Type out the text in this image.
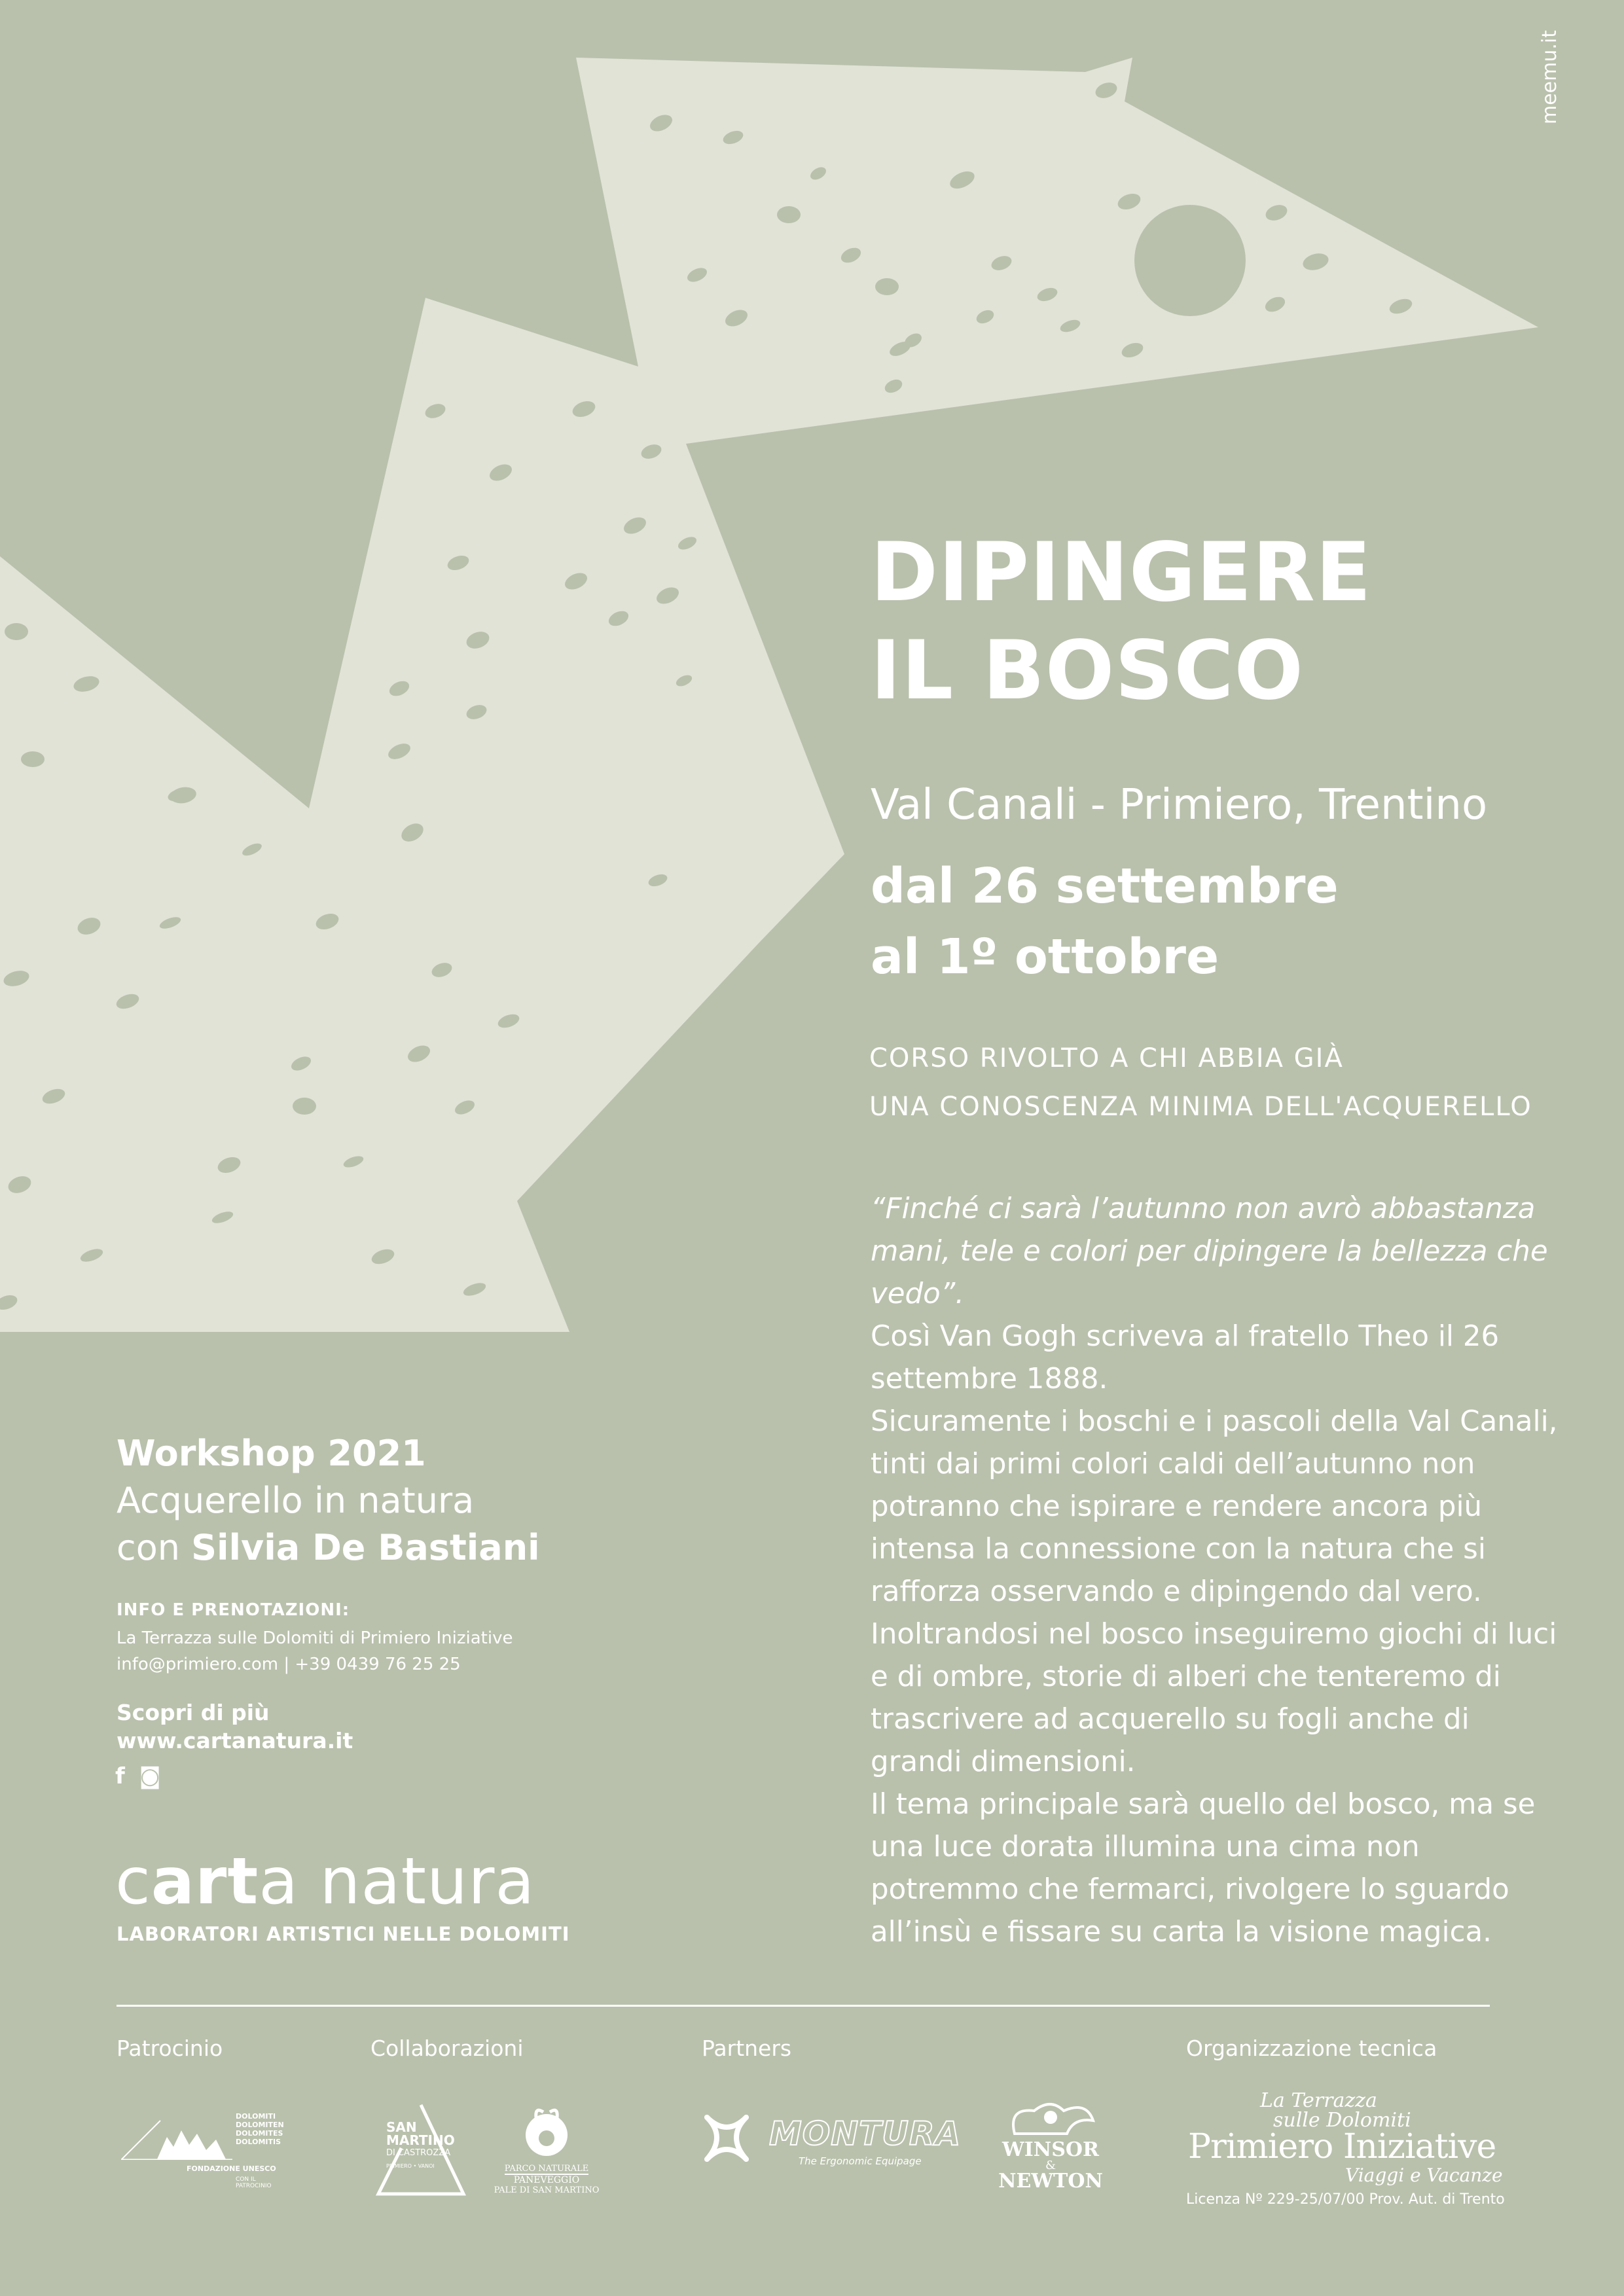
meemu.it
DIPINGERE
IL BOSCO
Val Canali - Primiero, Trentino
dal 26 settembre
al 1º ottobre
CORSO RIVOLTO A CHI ABBIA GIÀ
UNA CONOSCENZA MINIMA DELL'ACQUERELLO
“Finché ci sarà l’autunno non avrò abbastanza mani, tele e colori per dipingere la bellezza che vedo”.
Così Van Gogh scriveva al fratello Theo il 26 settembre 1888.
Sicuramente i boschi e i pascoli della Val Canali, tinti dai primi colori caldi dell’autunno non potranno che ispirare e rendere ancora più intensa la connessione con la natura che si rafforza osservando e dipingendo dal vero.
Inoltrandosi nel bosco inseguiremo giochi di luci e di ombre, storie di alberi che tenteremo di trascrivere ad acquerello su fogli anche di grandi dimensioni.
Il tema principale sarà quello del bosco, ma se una luce dorata illumina una cima non potremmo che fermarci, rivolgere lo sguardo all’insù e fissare su carta la visione magica.
Workshop 2021
Acquerello in natura
con Silvia De Bastiani
INFO E PRENOTAZIONI:
La Terrazza sulle Dolomiti di Primiero Iniziative
info@primiero.com | +39 0439 76 25 25
Scopri di più
www.cartanatura.it
f ◙
carta natura
LABORATORI ARTISTICI NELLE DOLOMITI
Patrocinio	Collaborazioni	Partners	Organizzazione tecnica
DOLOMITI
DOLOMITEN
DOLOMITES
DOLOMITIS
FONDAZIONE UNESCO
CON IL PATROCINIO
SAN
MARTINO
DI CASTROZZA
PRIMIERO • VANOI	PARCO NATURALE
PANEVEGGIO
PALE DI SAN MARTINO
MONTURA
The Ergonomic Equipage	WINSOR
&
NEWTON
La Terrazza
sulle Dolomiti
Primiero Iniziative
Viaggi e Vacanze
Licenza Nº 229-25/07/00 Prov. Aut. di Trento
